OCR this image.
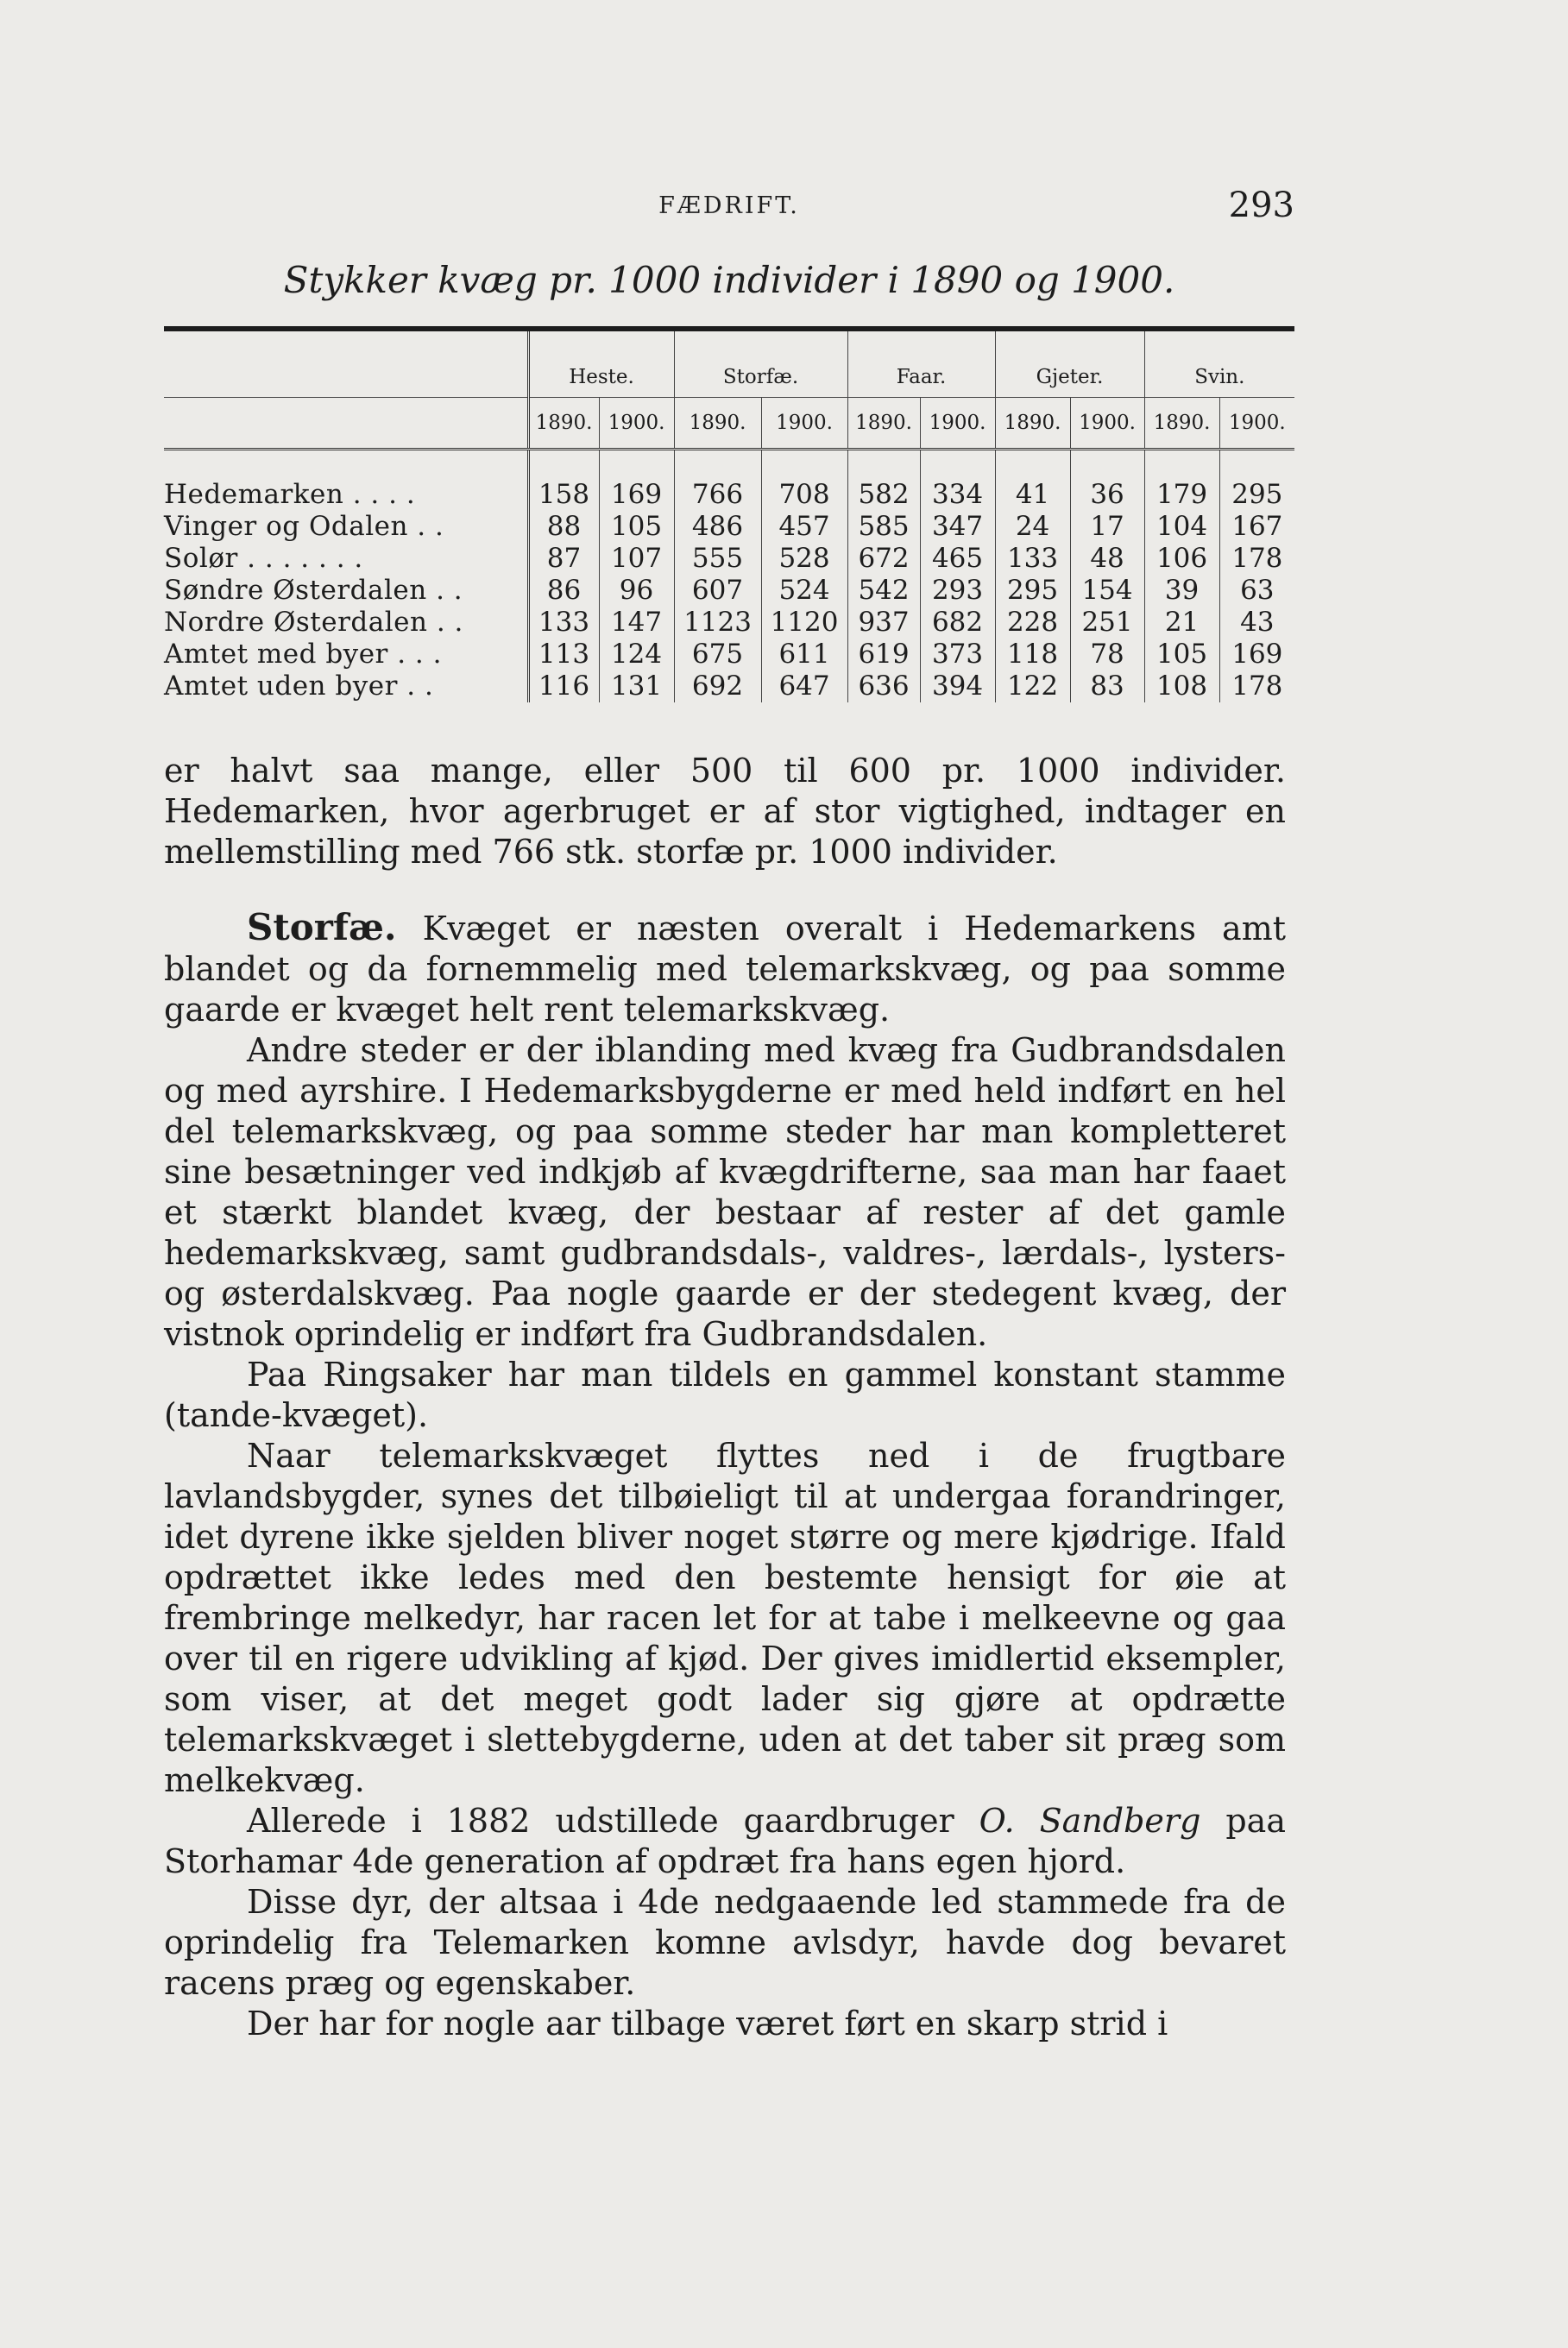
FÆDRIFT.	293
Stykker kvæg pr. 1000 individer i 1890 og 1900.
	Heste.		Storfæ.		Faar.		Gjeter.		Svin.	
	1890.	1900.	1890.	1900.	1890.	1900.	1890.	1900.	1890.	1900.

Hedemarken . . . .	158	169	766	708	582	334	41	36	179	295
Vinger og Odalen . .	88	105	486	457	585	347	24	17	104	167
Solør . . . . . . .	87	107	555	528	672	465	133	48	106	178
Søndre Østerdalen . .	86	96	607	524	542	293	295	154	39	63
Nordre Østerdalen . .	133	147	1123	1120	937	682	228	251	21	43
Amtet med byer . . .	113	124	675	611	619	373	118	78	105	169
Amtet uden byer . .	116	131	692	647	636	394	122	83	108	178

er halvt saa mange, eller 500 til 600 pr. 1000 individer. Hedemarken, hvor agerbruget er af stor vigtighed, indtager en mellemstilling med 766 stk. storfæ pr. 1000 individer.

Storfæ. Kvæget er næsten overalt i Hedemarkens amt blandet og da fornemmelig med telemarkskvæg, og paa somme gaarde er kvæget helt rent telemarkskvæg.

Andre steder er der iblanding med kvæg fra Gudbrandsdalen og med ayrshire. I Hedemarksbygderne er med held indført en hel del telemarkskvæg, og paa somme steder har man kompletteret sine besætninger ved indkjøb af kvægdrifterne, saa man har faaet et stærkt blandet kvæg, der bestaar af rester af det gamle hedemarkskvæg, samt gudbrandsdals-, valdres-, lærdals-, lysters- og østerdalskvæg. Paa nogle gaarde er der stedegent kvæg, der vistnok oprindelig er indført fra Gudbrandsdalen.

Paa Ringsaker har man tildels en gammel konstant stamme (tande-kvæget).

Naar telemarkskvæget flyttes ned i de frugtbare lavlandsbygder, synes det tilbøieligt til at undergaa forandringer, idet dyrene ikke sjelden bliver noget større og mere kjødrige. Ifald opdrættet ikke ledes med den bestemte hensigt for øie at frembringe melkedyr, har racen let for at tabe i melkeevne og gaa over til en rigere udvikling af kjød. Der gives imidlertid eksempler, som viser, at det meget godt lader sig gjøre at opdrætte telemarkskvæget i slettebygderne, uden at det taber sit præg som melkekvæg.

Allerede i 1882 udstillede gaardbruger O. Sandberg paa Storhamar 4de generation af opdræt fra hans egen hjord.

Disse dyr, der altsaa i 4de nedgaaende led stammede fra de oprindelig fra Telemarken komne avlsdyr, havde dog bevaret racens præg og egenskaber.

Der har for nogle aar tilbage været ført en skarp strid i
